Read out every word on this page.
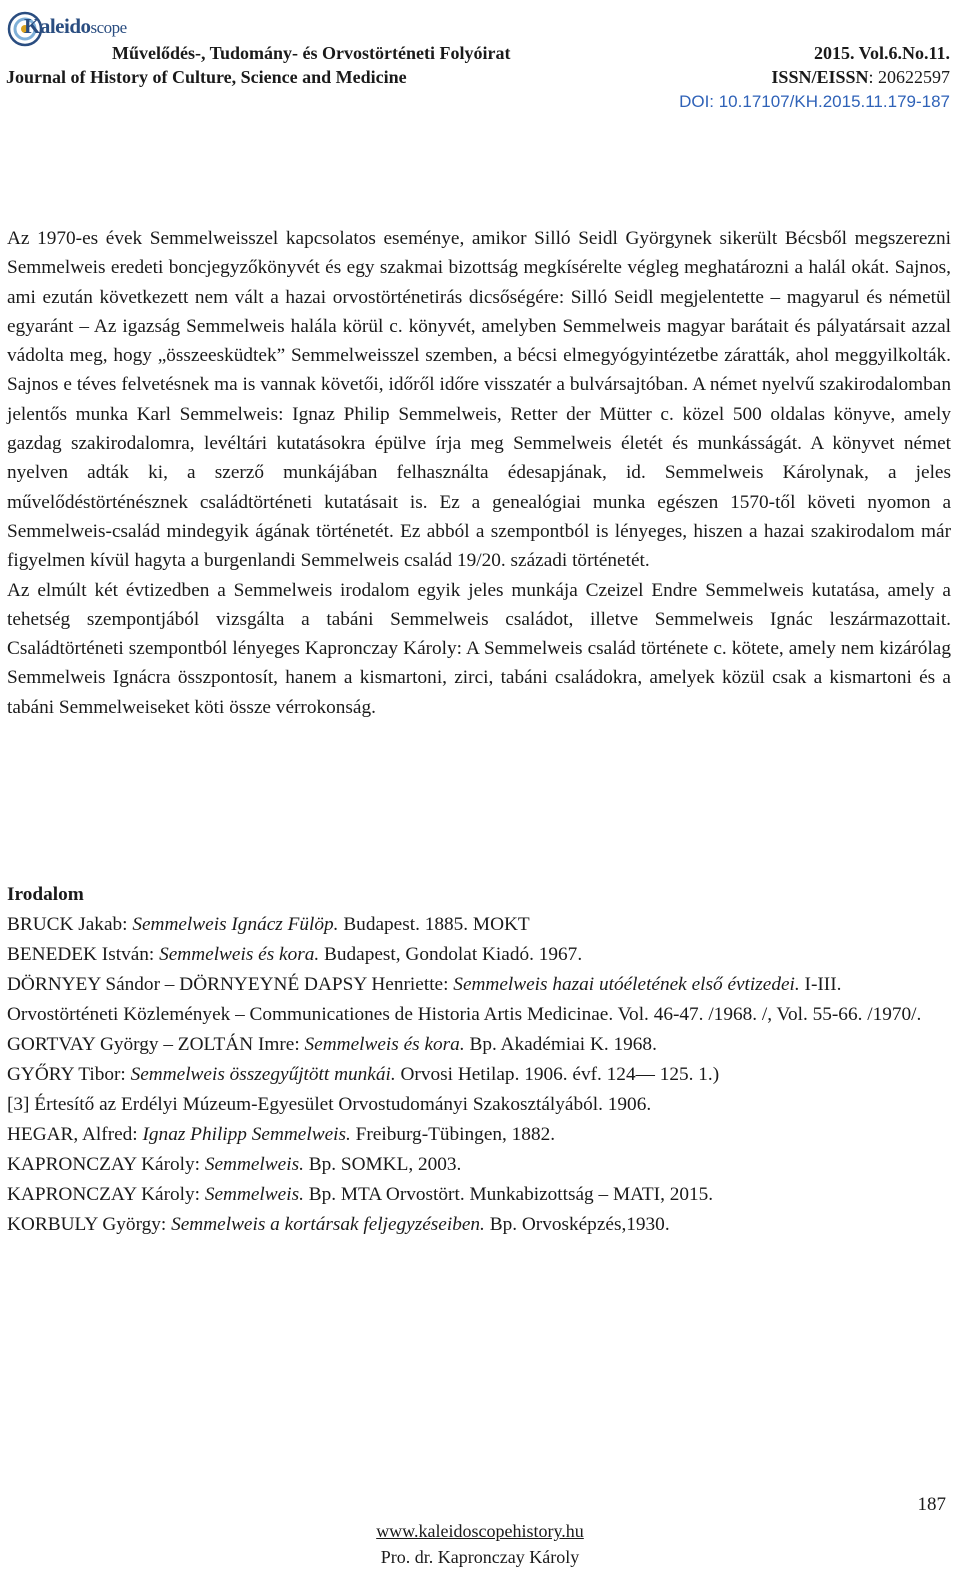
Kaleidoscope
Művelődés-, Tudomány- és Orvostörténeti Folyóirat
Journal of History of Culture, Science and Medicine
2015. Vol.6.No.11.
ISSN/EISSN: 20622597
DOI: 10.17107/KH.2015.11.179-187

Az 1970-es évek Semmelweisszel kapcsolatos eseménye, amikor Silló Seidl Györgynek sikerült Bécsből megszerezni Semmelweis eredeti boncjegyzőkönyvét és egy szakmai bizottság megkísérelte végleg meghatározni a halál okát. Sajnos, ami ezután következett nem vált a hazai orvostörténetirás dicsőségére: Silló Seidl megjelentette – magyarul és németül egyaránt – Az igazság Semmelweis halála körül c. könyvét, amelyben Semmelweis magyar barátait és pályatársait azzal vádolta meg, hogy „összeesküdtek” Semmelweisszel szemben, a bécsi elmegyógyintézetbe záratták, ahol meggyilkolták. Sajnos e téves felvetésnek ma is vannak követői, időről időre visszatér a bulvársajtóban. A német nyelvű szakirodalomban jelentős munka Karl Semmelweis: Ignaz Philip Semmelweis, Retter der Mütter c. közel 500 oldalas könyve, amely gazdag szakirodalomra, levéltári kutatásokra épülve írja meg Semmelweis életét és munkásságát. A könyvet német nyelven adták ki, a szerző munkájában felhasználta édesapjának, id. Semmelweis Károlynak, a jeles művelődéstörténésznek családtörténeti kutatásait is. Ez a genealógiai munka egészen 1570-től követi nyomon a Semmelweis-család mindegyik ágának történetét. Ez abból a szempontból is lényeges, hiszen a hazai szakirodalom már figyelmen kívül hagyta a burgenlandi Semmelweis család 19/20. századi történetét.

Az elmúlt két évtizedben a Semmelweis irodalom egyik jeles munkája Czeizel Endre Semmelweis kutatása, amely a tehetség szempontjából vizsgálta a tabáni Semmelweis családot, illetve Semmelweis Ignác leszármazottait. Családtörténeti szempontból lényeges Kapronczay Károly: A Semmelweis család története c. kötete, amely nem kizárólag Semmelweis Ignácra összpontosít, hanem a kismartoni, zirci, tabáni családokra, amelyek közül csak a kismartoni és a tabáni Semmelweiseket köti össze vérrokonság.

Irodalom

BRUCK Jakab: Semmelweis Ignácz Fülöp. Budapest. 1885. MOKT

BENEDEK István: Semmelweis és kora. Budapest, Gondolat Kiadó. 1967.

DÖRNYEY Sándor – DÖRNYEYNÉ DAPSY Henriette: Semmelweis hazai utóéletének első évtizedei. I-III. Orvostörténeti Közlemények – Communicationes de Historia Artis Medicinae. Vol. 46-47. /1968. /, Vol. 55-66. /1970/.

GORTVAY György – ZOLTÁN Imre: Semmelweis és kora. Bp. Akadémiai K. 1968.

GYŐRY Tibor: Semmelweis összegyűjtött munkái. Orvosi Hetilap. 1906. évf. 124— 125. 1.)

[3] Értesítő az Erdélyi Múzeum-Egyesület Orvostudományi Szakosztályából. 1906.

HEGAR, Alfred: Ignaz Philipp Semmelweis. Freiburg-Tübingen, 1882.

KAPRONCZAY Károly: Semmelweis. Bp. SOMKL, 2003.

KAPRONCZAY Károly: Semmelweis. Bp. MTA Orvostört. Munkabizottság – MATI, 2015.

KORBULY György: Semmelweis a kortársak feljegyzéseiben. Bp. Orvosképzés,1930.

187
www.kaleidoscopehistory.hu
Pro. dr. Kapronczay Károly
